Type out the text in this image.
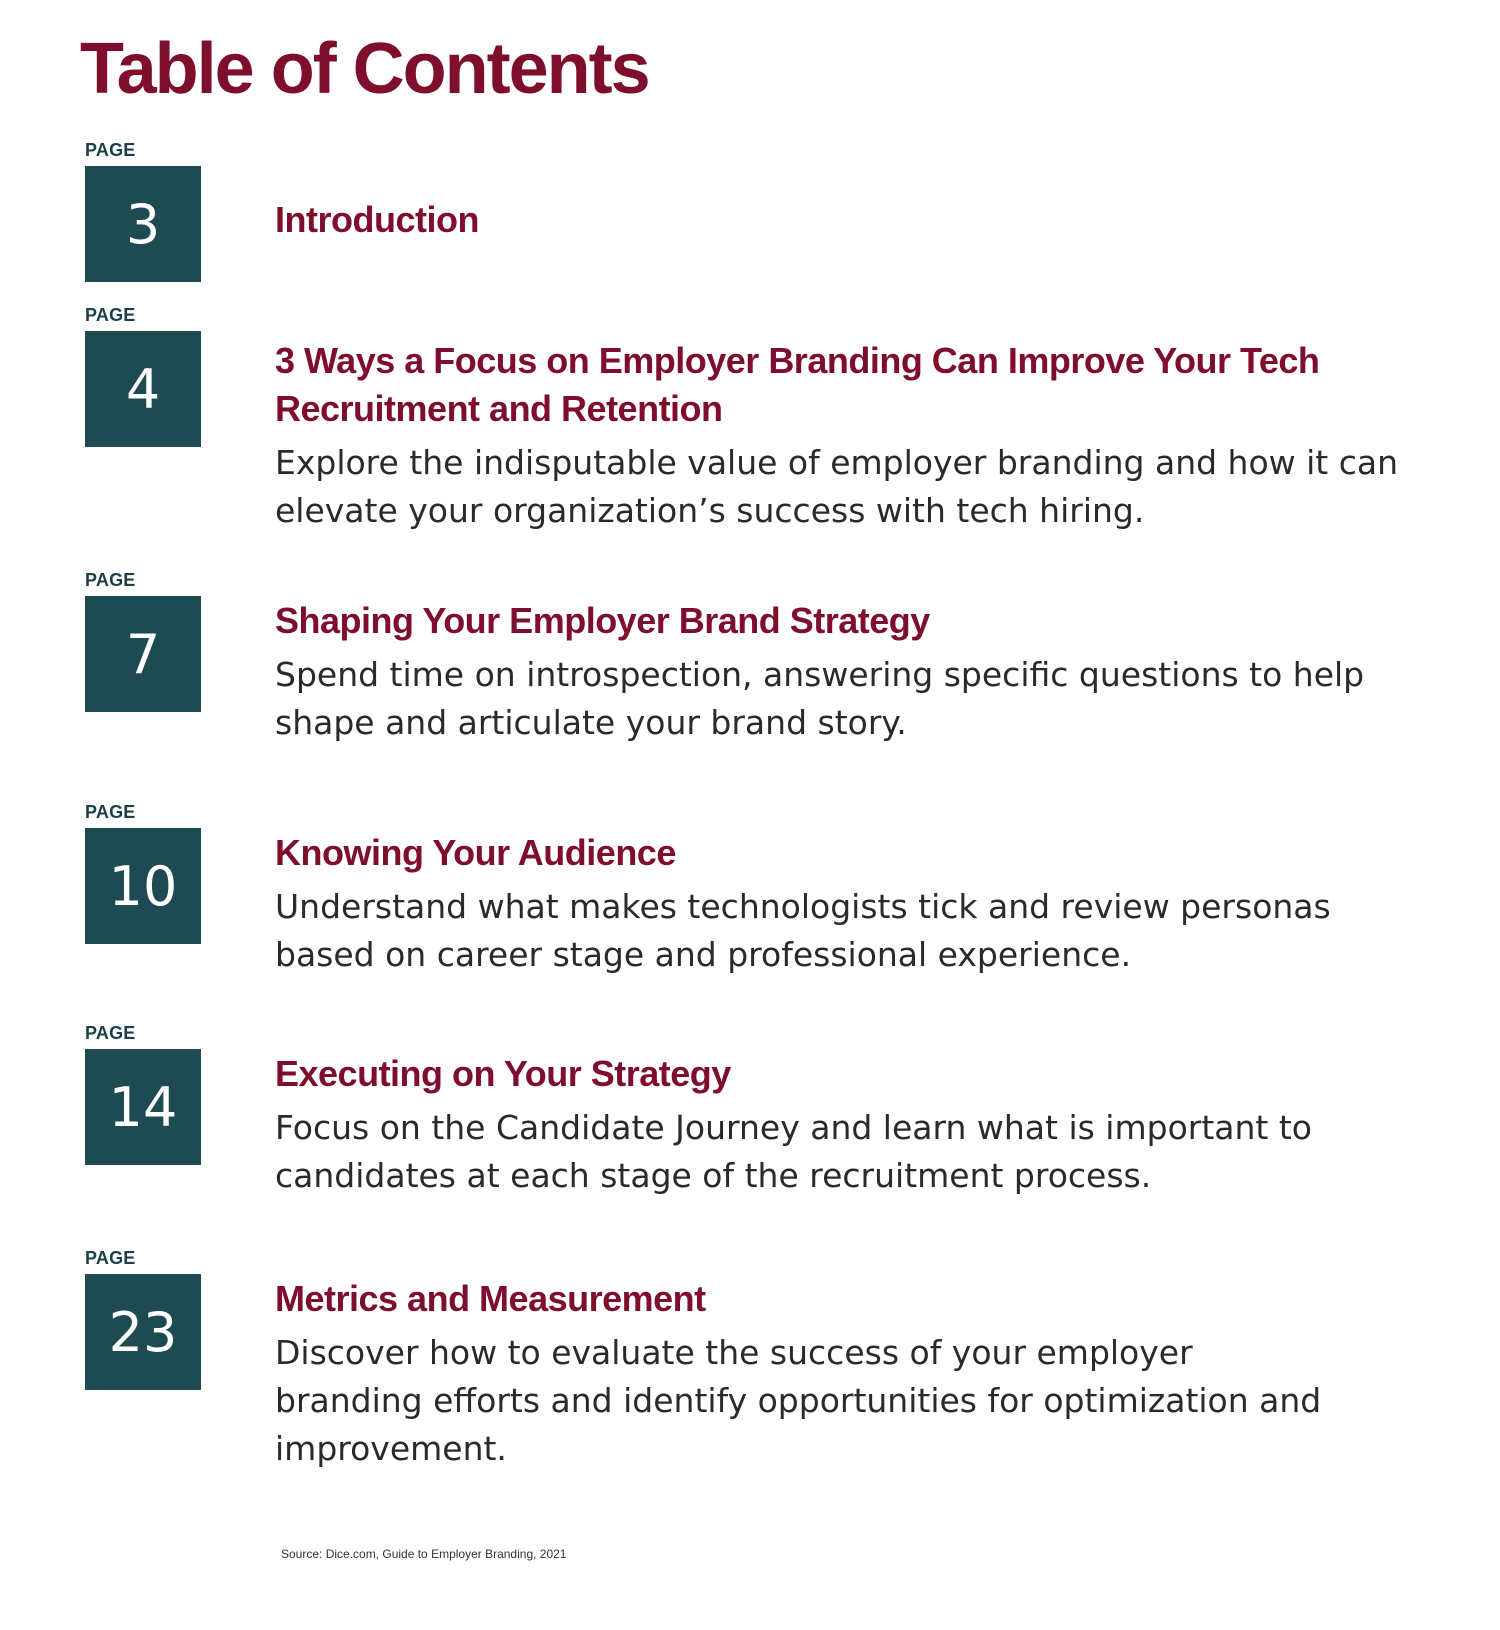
Table of Contents
PAGE
3	Introduction
PAGE
4	3 Ways a Focus on Employer Branding Can Improve Your Tech Recruitment and Retention

Explore the indisputable value of employer branding and how it can elevate your organization’s success with tech hiring.

PAGE
7
Shaping Your Employer Brand Strategy

Spend time on introspection, answering specific questions to help shape and articulate your brand story.

PAGE
10
Knowing Your Audience

Understand what makes technologists tick and review personas based on career stage and professional experience.

PAGE
14
Executing on Your Strategy

Focus on the Candidate Journey and learn what is important to candidates at each stage of the recruitment process.

PAGE
23
Metrics and Measurement

Discover how to evaluate the success of your employer branding efforts and identify opportunities for optimization and improvement.

Source: Dice.com, Guide to Employer Branding, 2021
